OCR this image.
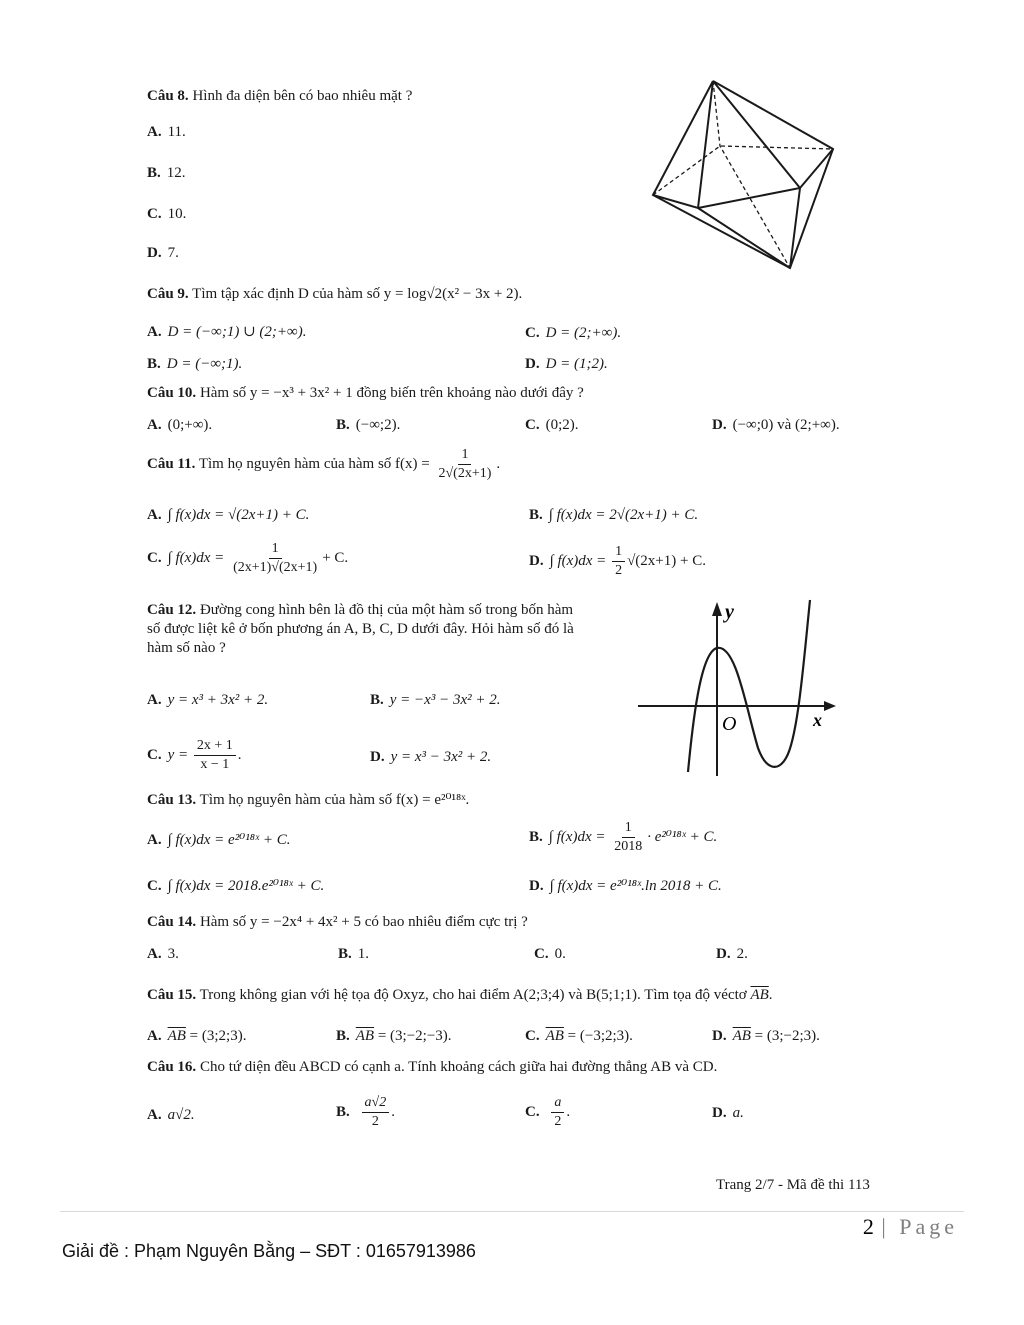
Câu 8. Hình đa diện bên có bao nhiêu mặt ?
A. 11.
B. 12.
C. 10.
D. 7.
Câu 9. Tìm tập xác định D của hàm số y = log√2(x² − 3x + 2).
A. D = (−∞;1) ∪ (2;+∞).	C. D = (2;+∞).
B. D = (−∞;1).	D. D = (1;2).
Câu 10. Hàm số y = −x³ + 3x² + 1 đồng biến trên khoảng nào dưới đây ?
A. (0;+∞).	B. (−∞;2).	C. (0;2).	D. (−∞;0) và (2;+∞).
Câu 11. Tìm họ nguyên hàm của hàm số $f(x) = \frac{1}{2√(2x+1)}$ .
A. ∫ f(x)dx = √(2x+1) + C.	B. ∫ f(x)dx = 2√(2x+1) + C.
C. ∫ $f(x)dx = \frac{1}{(2x+1)√(2x+1)} + C$.	D. ∫ $f(x)dx = \frac{1}{2} √(2x+1) + C$.
Câu 12. Đường cong hình bên là đồ thị của một hàm số trong bốn hàm số được liệt kê ở bốn phương án A, B, C, D dưới đây. Hỏi hàm số đó là hàm số nào ?
A. y = x³ + 3x² + 2.	B. y = −x³ − 3x² + 2.
C. $y = \frac{2x + 1}{x - 1}$ .	D. y = x³ − 3x² + 2.
y
O	x
Câu 13. Tìm họ nguyên hàm của hàm số f(x) = e²⁰¹⁸ˣ.
A. ∫ f(x)dx = e²⁰¹⁸ˣ + C.	B. ∫ $f(x)dx = \frac{1}{2018}$ · e²⁰¹⁸ˣ + C.
C. ∫ f(x)dx = 2018.e²⁰¹⁸ˣ + C.	D. ∫ f(x)dx = e²⁰¹⁸ˣ.ln 2018 + C.
Câu 14. Hàm số y = −2x⁴ + 4x² + 5 có bao nhiêu điểm cực trị ?
A. 3.	B. 1.	C. 0.	D. 2.
Câu 15. Trong không gian với hệ tọa độ Oxyz, cho hai điểm A(2;3;4) và B(5;1;1). Tìm tọa độ véctơ $\overline{AB}$.
A. $\overline{AB}$ = (3;2;3).	B. $\overline{AB}$ = (3;−2;−3).	C. $\overline{AB}$ = (−3;2;3).	D. $\overline{AB}$ = (3;−2;3).
Câu 16. Cho tứ diện đều ABCD có cạnh a. Tính khoảng cách giữa hai đường thẳng AB và CD.
A. a√2.	B. $\frac{a√2}{2}$ .	C. $\frac{a}{2}$ .	D. a.
Trang 2/7 - Mã đề thi 113
2 | Page
Giải đề : Phạm Nguyên Bằng – SĐT : 01657913986
